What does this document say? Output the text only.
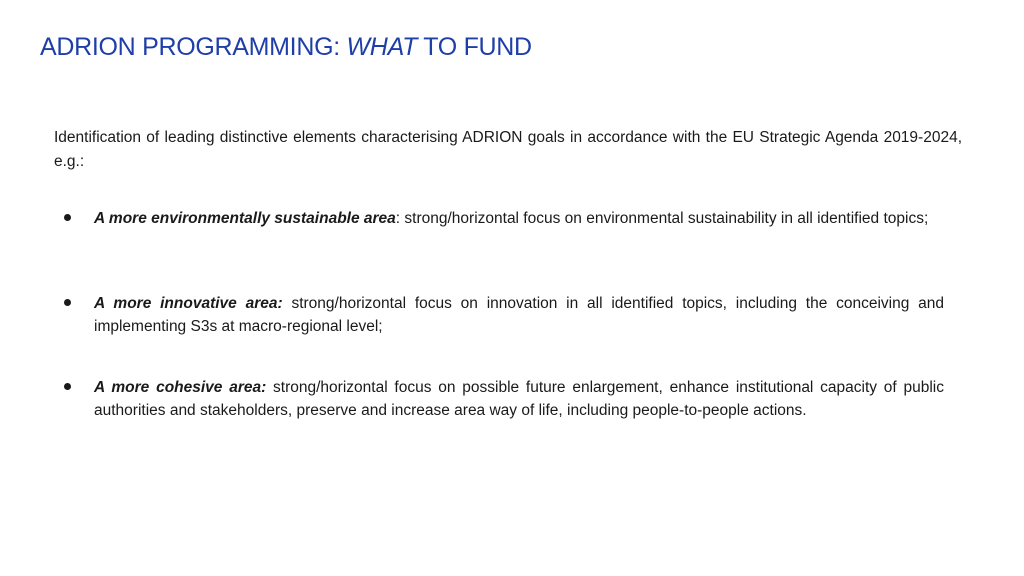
ADRION PROGRAMMING: WHAT TO FUND

Identification of leading distinctive elements characterising ADRION goals in accordance with the EU Strategic Agenda 2019-2024, e.g.:

A more environmentally sustainable area: strong/horizontal focus on environmental sustainability in all identified topics;
A more innovative area: strong/horizontal focus on innovation in all identified topics, including the conceiving and implementing S3s at macro-regional level;
A more cohesive area: strong/horizontal focus on possible future enlargement, enhance institutional capacity of public authorities and stakeholders, preserve and increase area way of life, including people-to-people actions.
